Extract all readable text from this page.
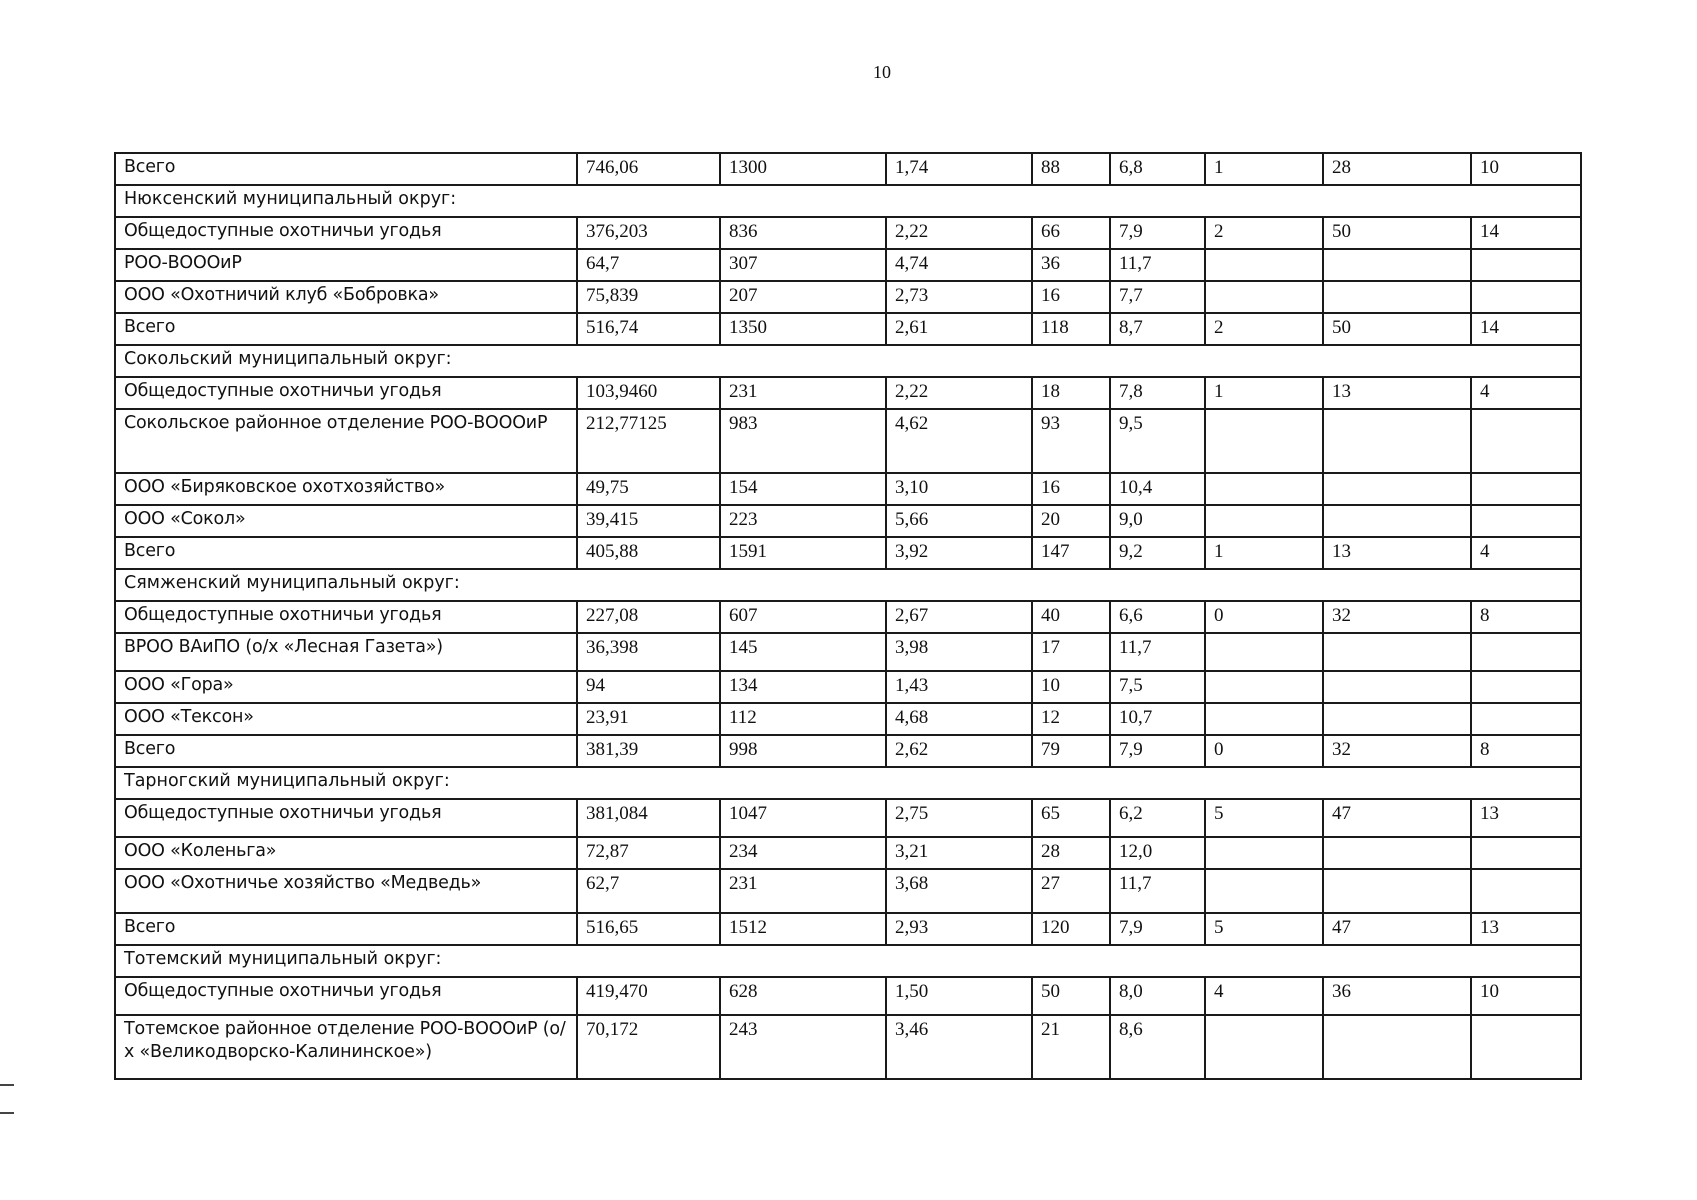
10
Всего	746,06	1300	1,74	88	6,8	1	28	10
Нюксенский муниципальный округ:								
Общедоступные охотничьи угодья	376,203	836	2,22	66	7,9	2	50	14
РОО-ВОООиР	64,7	307	4,74	36	11,7			
ООО «Охотничий клуб «Бобровка»	75,839	207	2,73	16	7,7			
Всего	516,74	1350	2,61	118	8,7	2	50	14
Сокольский муниципальный округ:								
Общедоступные охотничьи угодья	103,9460	231	2,22	18	7,8	1	13	4
Сокольское районное отделение РОО-ВОООиР	212,77125	983	4,62	93	9,5			
ООО «Биряковское охотхозяйство»	49,75	154	3,10	16	10,4			
ООО «Сокол»	39,415	223	5,66	20	9,0			
Всего	405,88	1591	3,92	147	9,2	1	13	4
Сямженский муниципальный округ:								
Общедоступные охотничьи угодья	227,08	607	2,67	40	6,6	0	32	8
ВРОО ВАиПО (о/х «Лесная Газета»)	36,398	145	3,98	17	11,7			
ООО «Гора»	94	134	1,43	10	7,5			
ООО «Тексон»	23,91	112	4,68	12	10,7			
Всего	381,39	998	2,62	79	7,9	0	32	8
Тарногский муниципальный округ:								
Общедоступные охотничьи угодья	381,084	1047	2,75	65	6,2	5	47	13
ООО «Коленьга»	72,87	234	3,21	28	12,0			
ООО «Охотничье хозяйство «Медведь»	62,7	231	3,68	27	11,7			
Всего	516,65	1512	2,93	120	7,9	5	47	13
Тотемский муниципальный округ:								
Общедоступные охотничьи угодья	419,470	628	1,50	50	8,0	4	36	10
Тотемское районное отделение РОО-ВОООиР (о/х «Великодворско-Калининское»)	70,172	243	3,46	21	8,6			
